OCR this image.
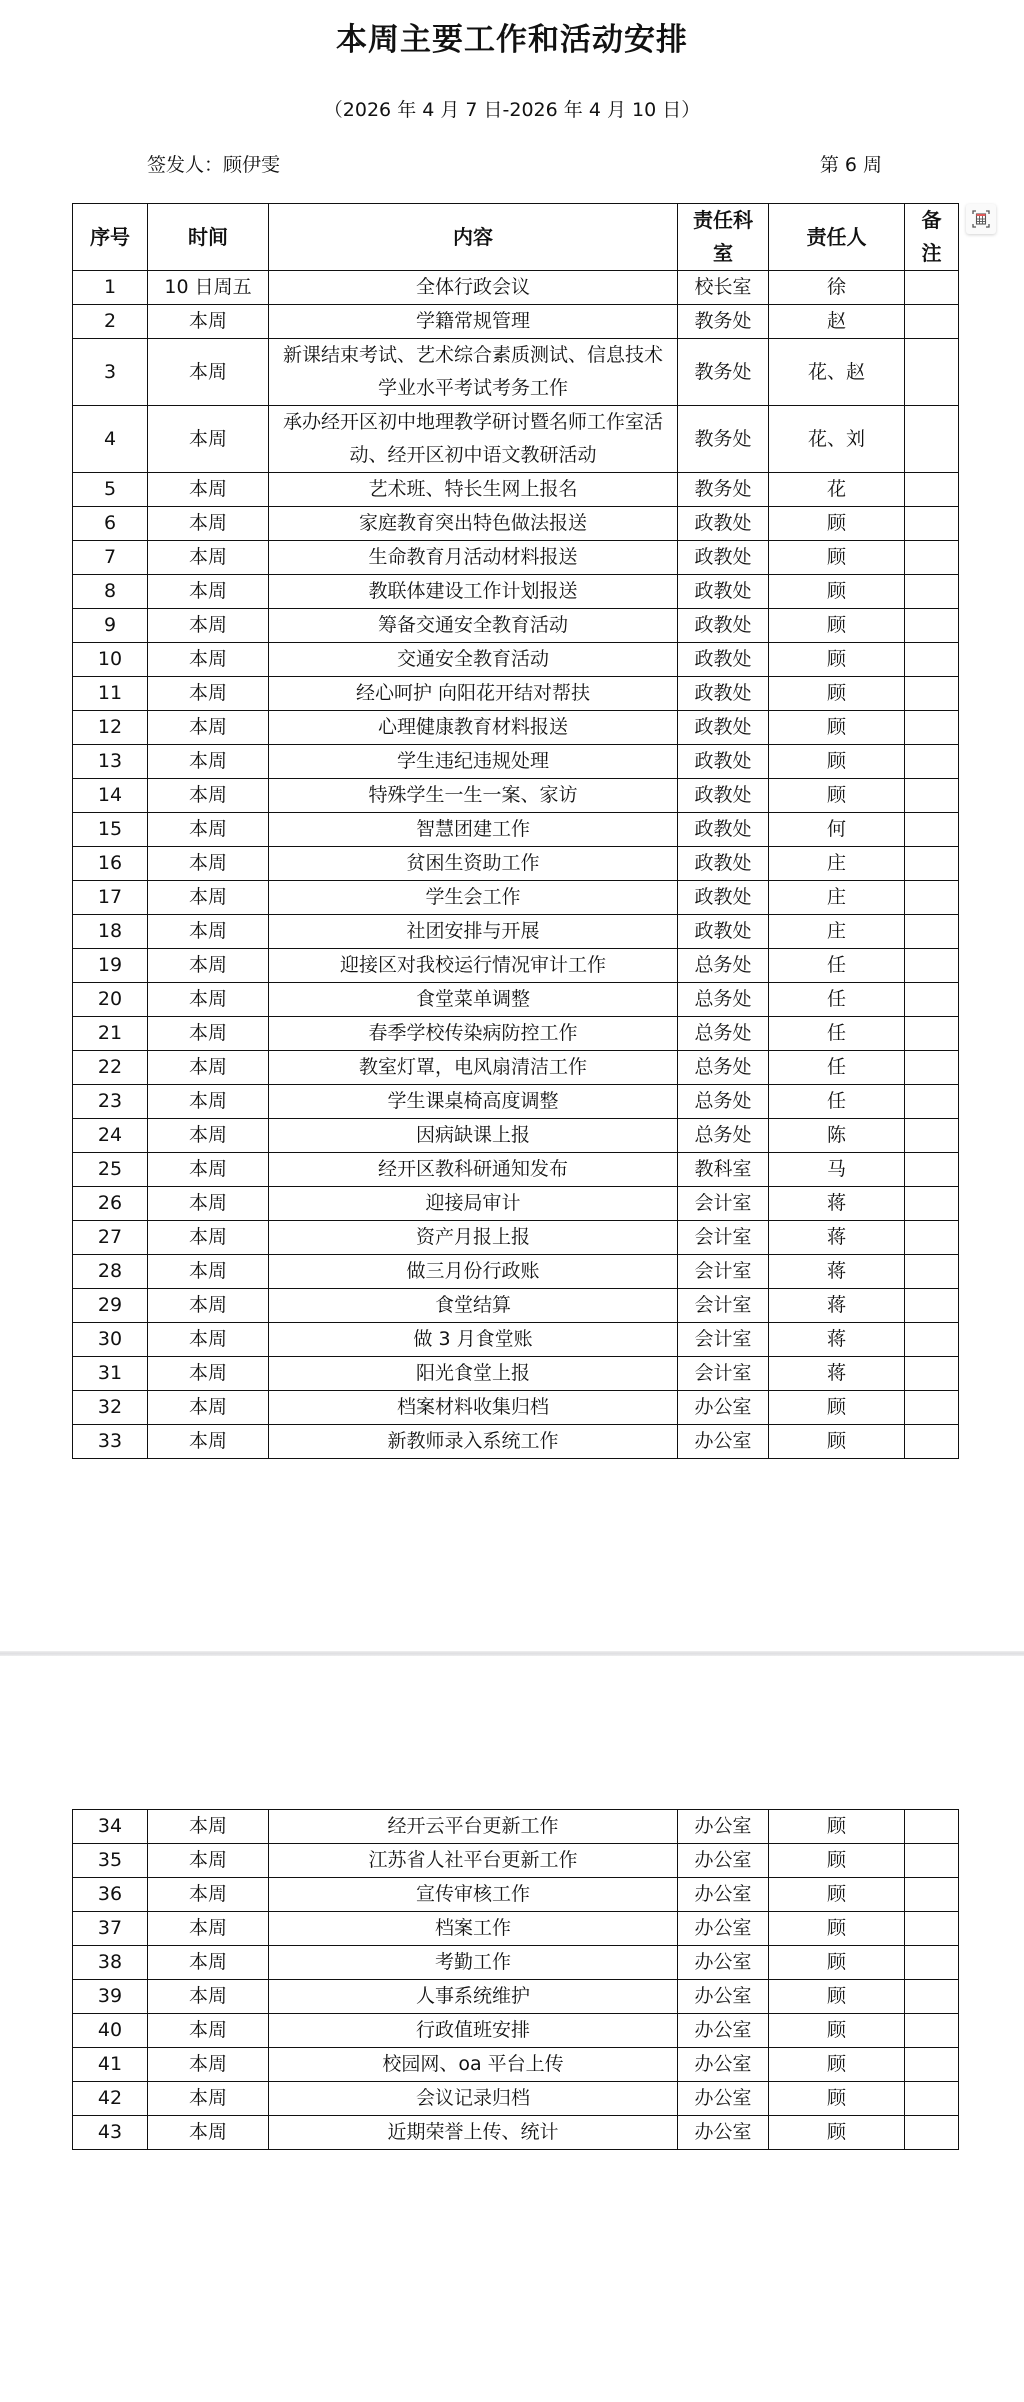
本周主要工作和活动安排
（2026 年 4 月 7 日-2026 年 4 月 10 日）
签发人：顾伊雯	第 6 周
序号	时间	内容	责任科室	责任人	备注
1	10 日周五	全体行政会议	校长室	徐	
2	本周	学籍常规管理	教务处	赵	
3	本周	新课结束考试、艺术综合素质测试、信息技术学业水平考试考务工作	教务处	花、赵	
4	本周	承办经开区初中地理教学研讨暨名师工作室活动、经开区初中语文教研活动	教务处	花、刘	
5	本周	艺术班、特长生网上报名	教务处	花	
6	本周	家庭教育突出特色做法报送	政教处	顾	
7	本周	生命教育月活动材料报送	政教处	顾	
8	本周	教联体建设工作计划报送	政教处	顾	
9	本周	筹备交通安全教育活动	政教处	顾	
10	本周	交通安全教育活动	政教处	顾	
11	本周	经心呵护 向阳花开结对帮扶	政教处	顾	
12	本周	心理健康教育材料报送	政教处	顾	
13	本周	学生违纪违规处理	政教处	顾	
14	本周	特殊学生一生一案、家访	政教处	顾	
15	本周	智慧团建工作	政教处	何	
16	本周	贫困生资助工作	政教处	庄	
17	本周	学生会工作	政教处	庄	
18	本周	社团安排与开展	政教处	庄	
19	本周	迎接区对我校运行情况审计工作	总务处	任	
20	本周	食堂菜单调整	总务处	任	
21	本周	春季学校传染病防控工作	总务处	任	
22	本周	教室灯罩，电风扇清洁工作	总务处	任	
23	本周	学生课桌椅高度调整	总务处	任	
24	本周	因病缺课上报	总务处	陈	
25	本周	经开区教科研通知发布	教科室	马	
26	本周	迎接局审计	会计室	蒋	
27	本周	资产月报上报	会计室	蒋	
28	本周	做三月份行政账	会计室	蒋	
29	本周	食堂结算	会计室	蒋	
30	本周	做 3 月食堂账	会计室	蒋	
31	本周	阳光食堂上报	会计室	蒋	
32	本周	档案材料收集归档	办公室	顾	
33	本周	新教师录入系统工作	办公室	顾	
34	本周	经开云平台更新工作	办公室	顾	
35	本周	江苏省人社平台更新工作	办公室	顾	
36	本周	宣传审核工作	办公室	顾	
37	本周	档案工作	办公室	顾	
38	本周	考勤工作	办公室	顾	
39	本周	人事系统维护	办公室	顾	
40	本周	行政值班安排	办公室	顾	
41	本周	校园网、oa 平台上传	办公室	顾	
42	本周	会议记录归档	办公室	顾	
43	本周	近期荣誉上传、统计	办公室	顾	
